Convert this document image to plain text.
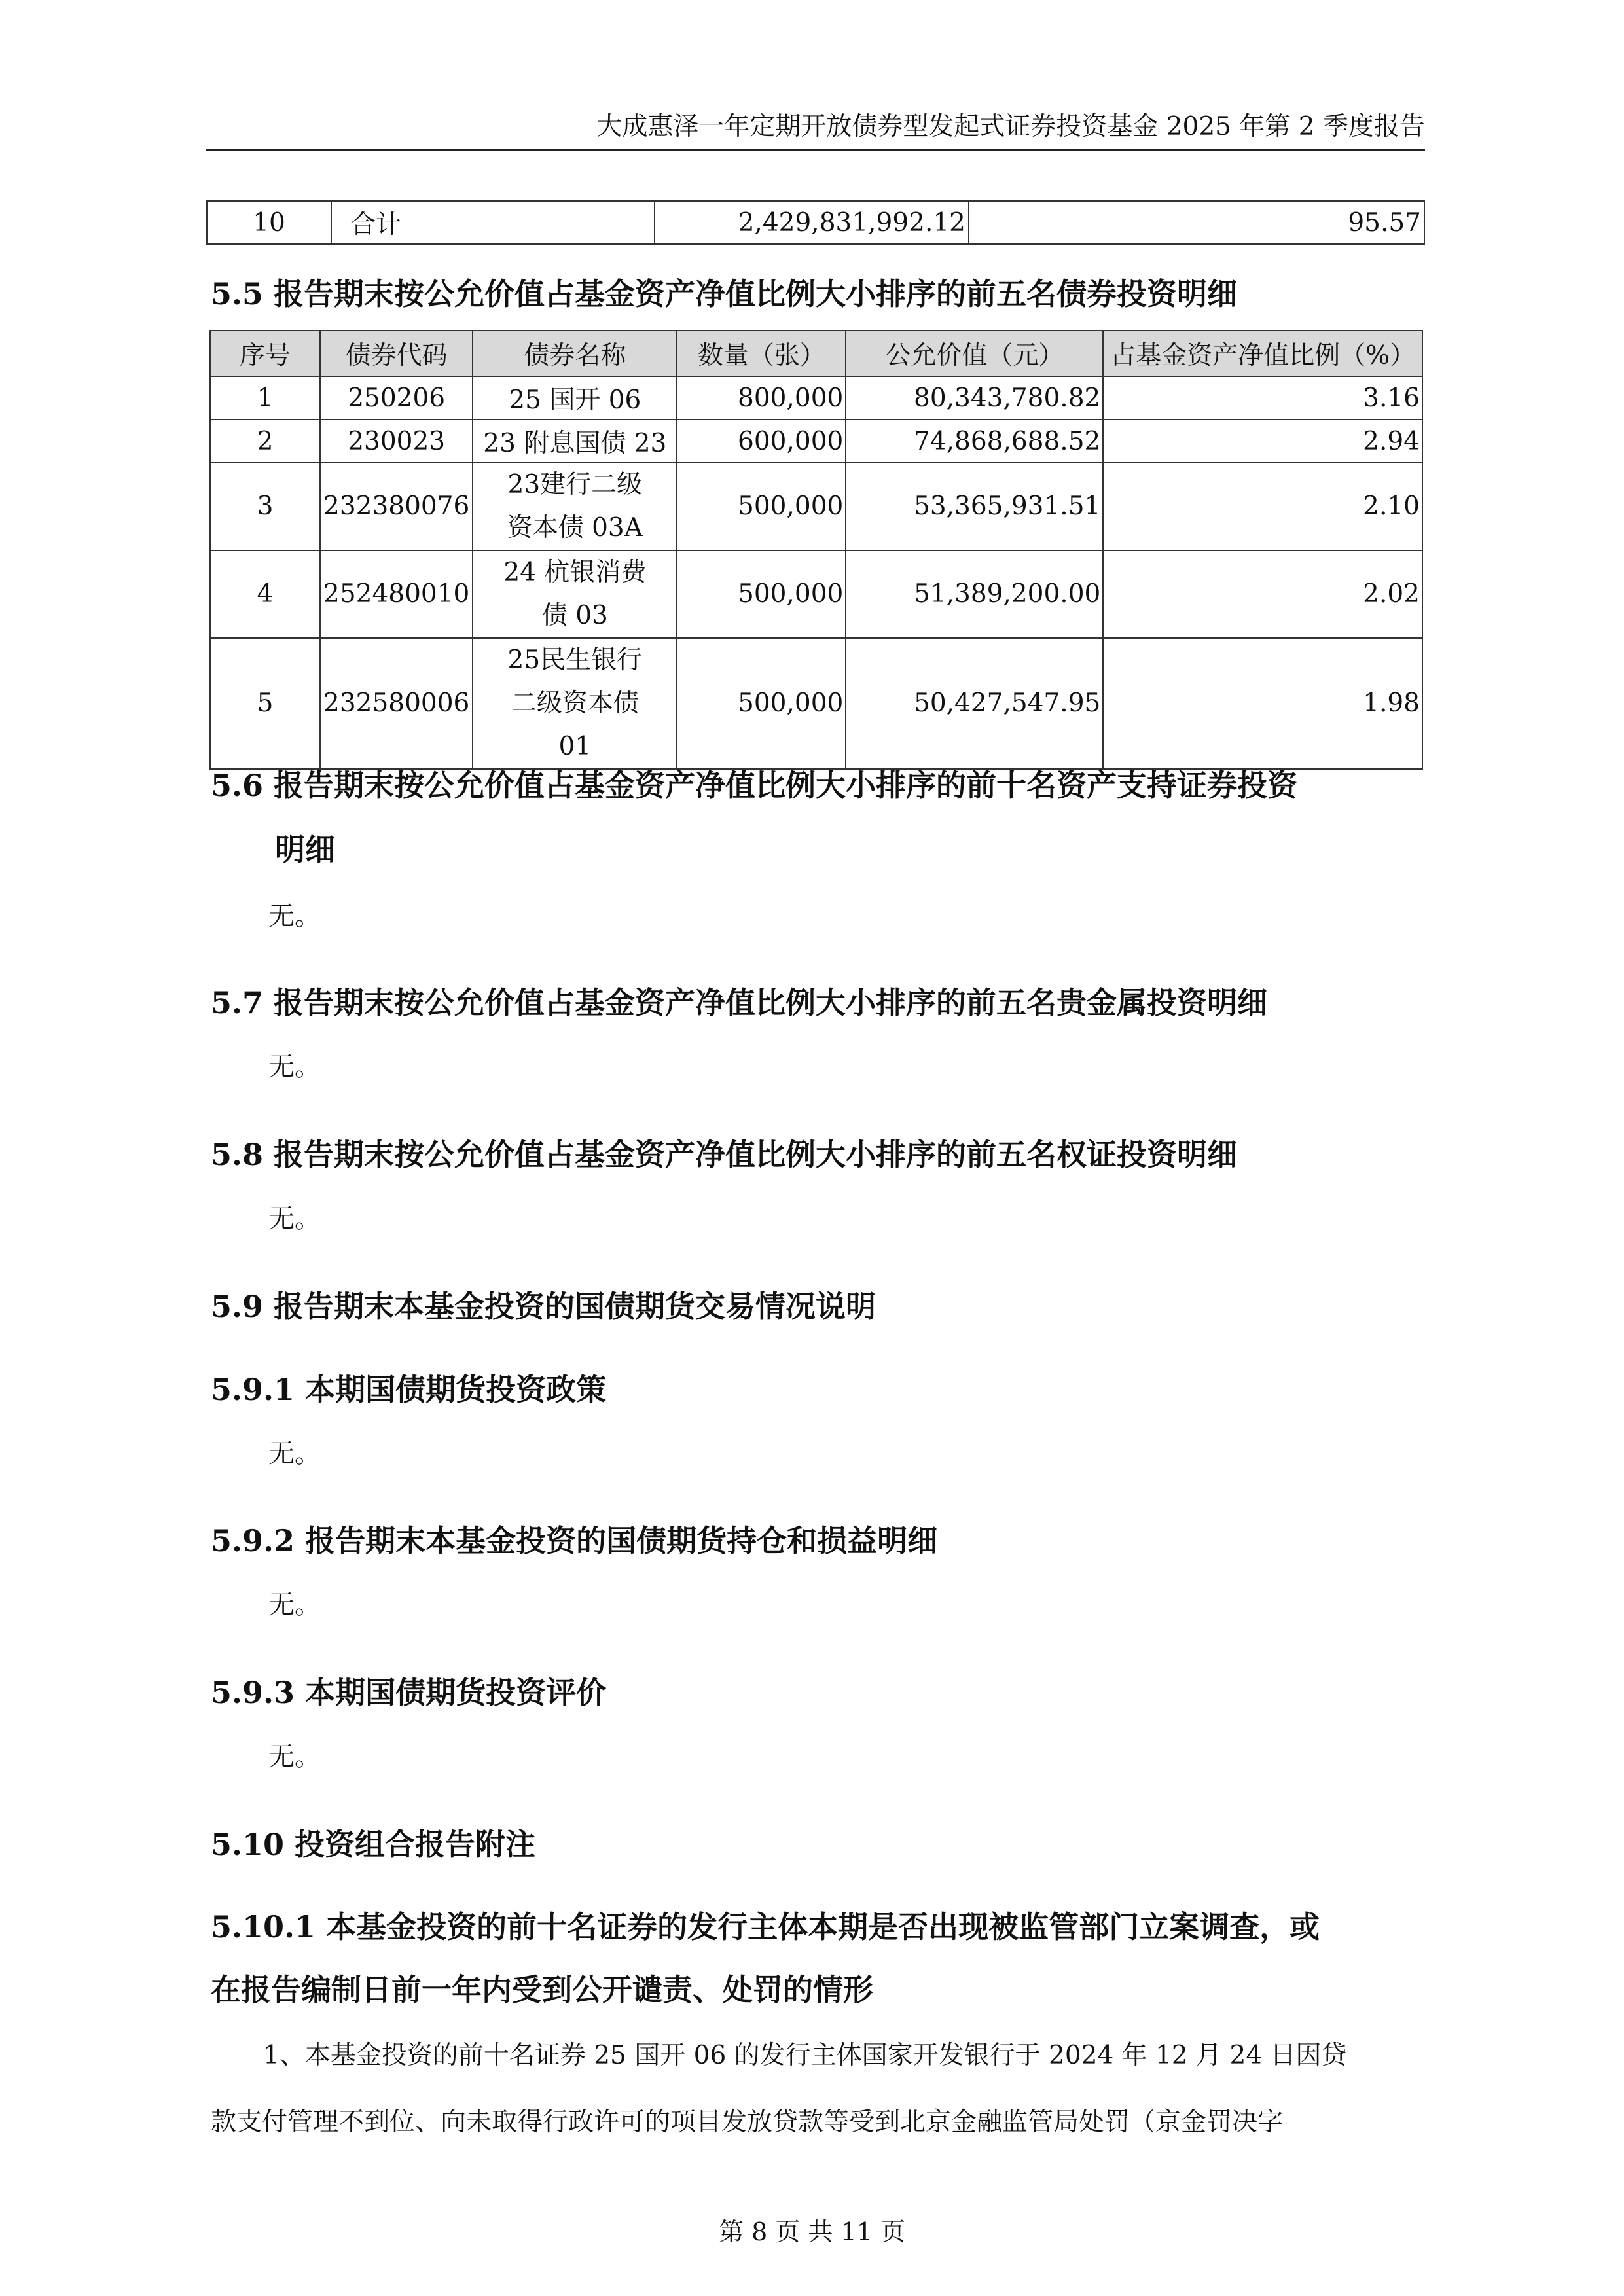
大成惠泽一年定期开放债券型发起式证券投资基金 2025 年第 2 季度报告
10	合计	2,429,831,992.12	95.57
5.5 报告期末按公允价值占基金资产净值比例大小排序的前五名债券投资明细
序号	债券代码	债券名称	数量（张）	公允价值（元）	占基金资产净值比例（%）
1	250206	25 国开 06	800,000	80,343,780.82	3.16
2	230023	23 附息国债 23	600,000	74,868,688.52	2.94
3	232380076	23建行二级资本债 03A	500,000	53,365,931.51	2.10
4	252480010	24 杭银消费债 03	500,000	51,389,200.00	2.02
5	232580006	25民生银行二级资本债 01	500,000	50,427,547.95	1.98
5.6 报告期末按公允价值占基金资产净值比例大小排序的前十名资产支持证券投资
明细
无。
5.7 报告期末按公允价值占基金资产净值比例大小排序的前五名贵金属投资明细
无。
5.8 报告期末按公允价值占基金资产净值比例大小排序的前五名权证投资明细
无。
5.9 报告期末本基金投资的国债期货交易情况说明
5.9.1 本期国债期货投资政策
无。
5.9.2 报告期末本基金投资的国债期货持仓和损益明细
无。
5.9.3 本期国债期货投资评价
无。
5.10 投资组合报告附注
5.10.1 本基金投资的前十名证券的发行主体本期是否出现被监管部门立案调查，或
在报告编制日前一年内受到公开谴责、处罚的情形
1、本基金投资的前十名证券 25 国开 06 的发行主体国家开发银行于 2024 年 12 月 24 日因贷
款支付管理不到位、向未取得行政许可的项目发放贷款等受到北京金融监管局处罚（京金罚决字
第 8 页 共 11 页
